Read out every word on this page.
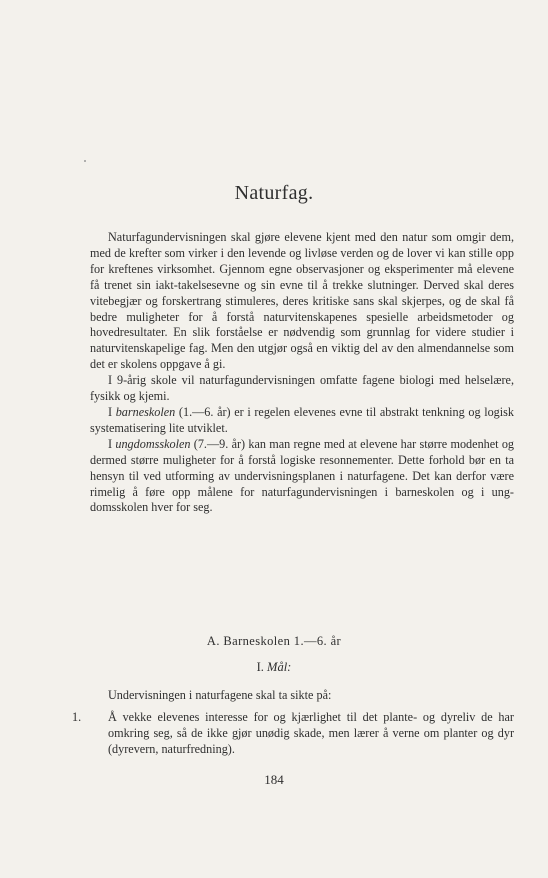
Naturfag.

Naturfagundervisningen skal gjøre elevene kjent med den natur som omgir dem, med de krefter som virker i den levende og livløse verden og de lover vi kan stille opp for kreftenes virksomhet. Gjennom egne observasjoner og eksperimenter må elevene få trenet sin iakt-takelsesevne og sin evne til å trekke slutninger. Derved skal deres vitebegjær og forskertrang stimuleres, deres kritiske sans skal skjerpes, og de skal få bedre muligheter for å forstå naturvitenskapenes spesielle arbeidsmetoder og hovedresultater. En slik forståelse er nødvendig som grunnlag for videre studier i naturvitenskapelige fag. Men den utgjør også en viktig del av den almendannelse som det er skolens oppgave å gi.

I 9-årig skole vil naturfagundervisningen omfatte fagene biologi med helselære, fysikk og kjemi.

I barneskolen (1.—6. år) er i regelen elevenes evne til abstrakt tenkning og logisk systematisering lite utviklet.

I ungdomsskolen (7.—9. år) kan man regne med at elevene har større modenhet og dermed større muligheter for å forstå logiske resonnementer. Dette forhold bør en ta hensyn til ved utforming av undervisningsplanen i naturfagene. Det kan derfor være rimelig å føre opp målene for naturfagundervisningen i barneskolen og i ung-domsskolen hver for seg.

A. Barneskolen 1.—6. år
I. Mål:
Undervisningen i naturfagene skal ta sikte på:
1.	Å vekke elevenes interesse for og kjærlighet til det plante- og dyreliv de har omkring seg, så de ikke gjør unødig skade, men lærer å verne om planter og dyr (dyrevern, naturfredning).
184
